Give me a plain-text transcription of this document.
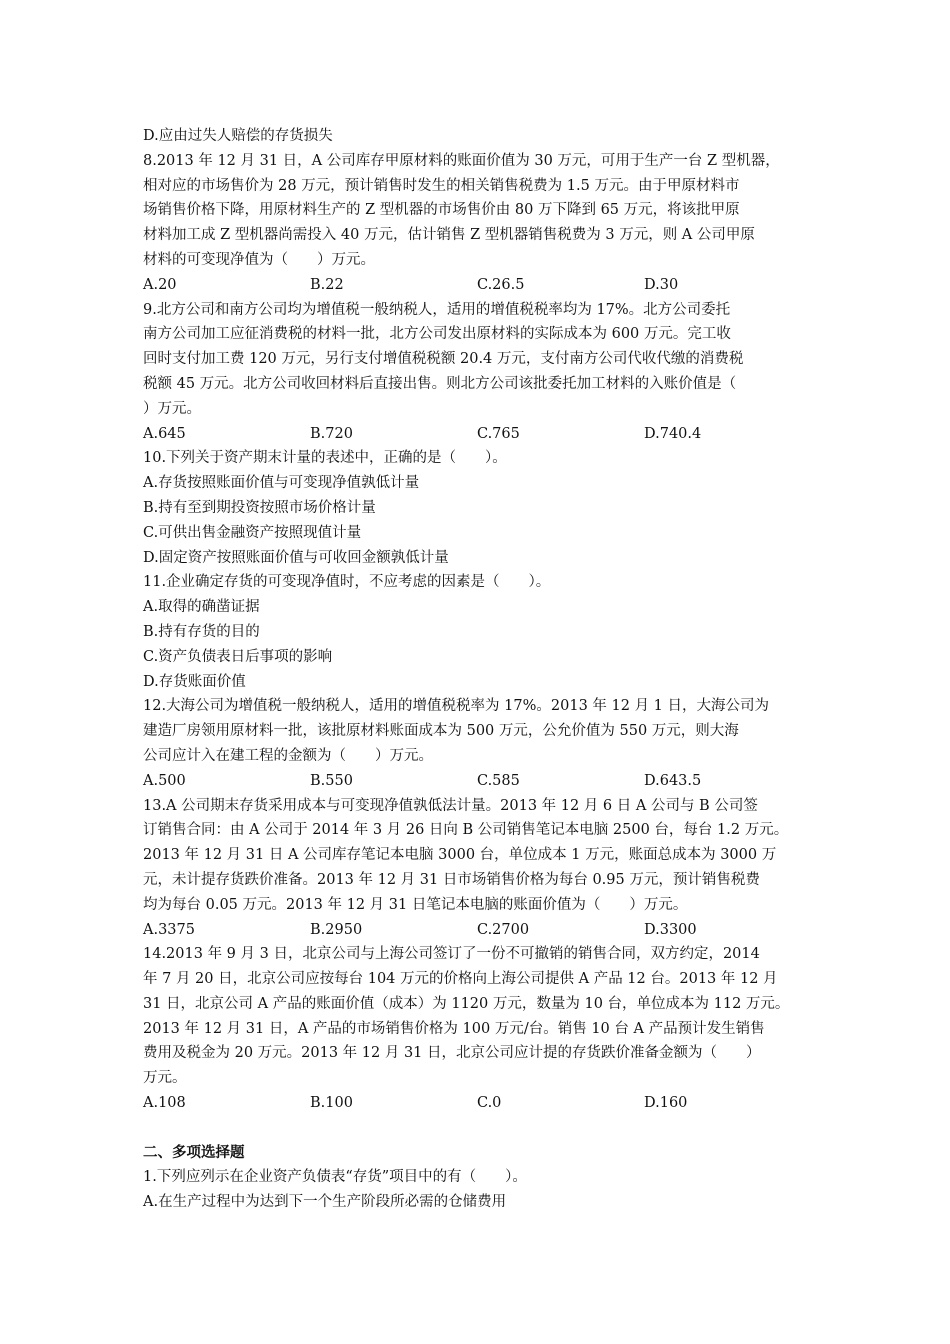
D.应由过失人赔偿的存货损失
8.2013 年 12 月 31 日，A 公司库存甲原材料的账面价值为 30 万元，可用于生产一台 Z 型机器，
相对应的市场售价为 28 万元，预计销售时发生的相关销售税费为 1.5 万元。由于甲原材料市
场销售价格下降，用原材料生产的 Z 型机器的市场售价由 80 万下降到 65 万元，将该批甲原
材料加工成 Z 型机器尚需投入 40 万元，估计销售 Z 型机器销售税费为 3 万元，则 A 公司甲原
材料的可变现净值为（　　）万元。
A.20	B.22	C.26.5	D.30
9.北方公司和南方公司均为增值税一般纳税人，适用的增值税税率均为 17%。北方公司委托
南方公司加工应征消费税的材料一批，北方公司发出原材料的实际成本为 600 万元。完工收
回时支付加工费 120 万元，另行支付增值税税额 20.4 万元，支付南方公司代收代缴的消费税
税额 45 万元。北方公司收回材料后直接出售。则北方公司该批委托加工材料的入账价值是（
）万元。
A.645	B.720	C.765	D.740.4
10.下列关于资产期末计量的表述中，正确的是（　　）。
A.存货按照账面价值与可变现净值孰低计量
B.持有至到期投资按照市场价格计量
C.可供出售金融资产按照现值计量
D.固定资产按照账面价值与可收回金额孰低计量
11.企业确定存货的可变现净值时，不应考虑的因素是（　　）。
A.取得的确凿证据
B.持有存货的目的
C.资产负债表日后事项的影响
D.存货账面价值
12.大海公司为增值税一般纳税人，适用的增值税税率为 17%。2013 年 12 月 1 日，大海公司为
建造厂房领用原材料一批，该批原材料账面成本为 500 万元，公允价值为 550 万元，则大海
公司应计入在建工程的金额为（　　）万元。
A.500	B.550	C.585	D.643.5
13.A 公司期末存货采用成本与可变现净值孰低法计量。2013 年 12 月 6 日 A 公司与 B 公司签
订销售合同：由 A 公司于 2014 年 3 月 26 日向 B 公司销售笔记本电脑 2500 台，每台 1.2 万元。
2013 年 12 月 31 日 A 公司库存笔记本电脑 3000 台，单位成本 1 万元，账面总成本为 3000 万
元，未计提存货跌价准备。2013 年 12 月 31 日市场销售价格为每台 0.95 万元，预计销售税费
均为每台 0.05 万元。2013 年 12 月 31 日笔记本电脑的账面价值为（　　）万元。
A.3375	B.2950	C.2700	D.3300
14.2013 年 9 月 3 日，北京公司与上海公司签订了一份不可撤销的销售合同，双方约定，2014
年 7 月 20 日，北京公司应按每台 104 万元的价格向上海公司提供 A 产品 12 台。2013 年 12 月
31 日，北京公司 A 产品的账面价值（成本）为 1120 万元，数量为 10 台，单位成本为 112 万元。
2013 年 12 月 31 日，A 产品的市场销售价格为 100 万元/台。销售 10 台 A 产品预计发生销售
费用及税金为 20 万元。2013 年 12 月 31 日，北京公司应计提的存货跌价准备金额为（　　）
万元。
A.108	B.100	C.0	D.160
二、多项选择题
1.下列应列示在企业资产负债表“存货”项目中的有（　　）。
A.在生产过程中为达到下一个生产阶段所必需的仓储费用
